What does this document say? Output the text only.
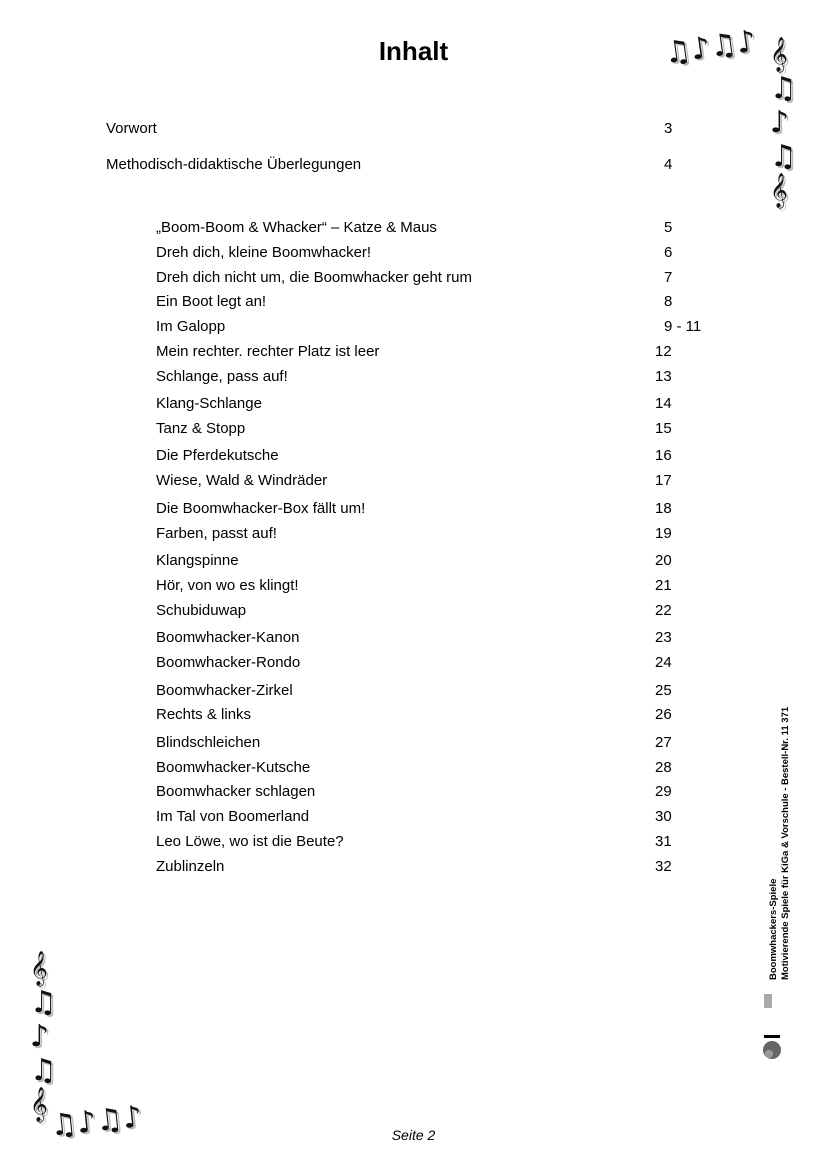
Inhalt
Vorwort	3
Methodisch-didaktische Überlegungen	4
„Boom-Boom & Whacker“ – Katze & Maus	5
Dreh dich, kleine Boomwhacker!	6
Dreh dich nicht um, die Boomwhacker geht rum	7
Ein Boot legt an!	8
Im Galopp	9 - 11
Mein rechter. rechter Platz ist leer	12
Schlange, pass auf!	13
Klang-Schlange	14
Tanz & Stopp	15
Die Pferdekutsche	16
Wiese, Wald & Windräder	17
Die Boomwhacker-Box fällt um!	18
Farben, passt auf!	19
Klangspinne	20
Hör, von wo es klingt!	21
Schubiduwap	22
Boomwhacker-Kanon	23
Boomwhacker-Rondo	24
Boomwhacker-Zirkel	25
Rechts & links	26
Blindschleichen	27
Boomwhacker-Kutsche	28
Boomwhacker schlagen	29
Im Tal von Boomerland	30
Leo Löwe, wo ist die Beute?	31
Zublinzeln	32
♫♪♫♪ 𝄞
♫
♪
♫
𝄞
𝄞
♫
♪
♫
𝄞 ♫♪♫♪
Boomwhackers-Spiele Motivierende Spiele für KiGa & Vorschule -
Bestell-Nr. 11 371
Seite 2
